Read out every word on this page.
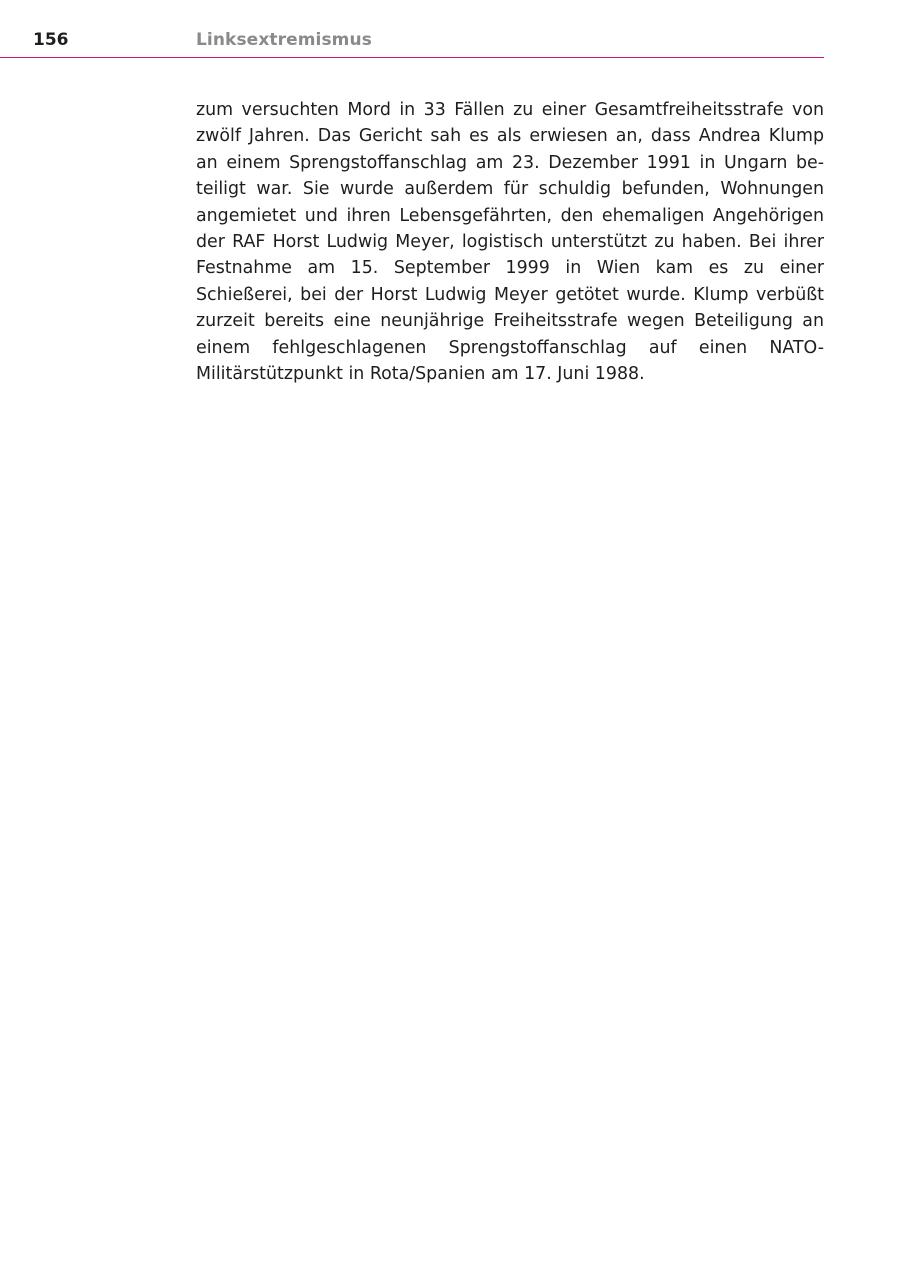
156	Linksextremismus

zum versuchten Mord in 33 Fällen zu einer Gesamtfreiheitsstrafe von zwölf Jahren. Das Gericht sah es als erwiesen an, dass Andrea Klump an einem Sprengstoffanschlag am 23. Dezember 1991 in Ungarn beteiligt war. Sie wurde außerdem für schuldig befunden, Wohnungen angemietet und ihren Lebensgefährten, den ehemaligen Angehörigen der RAF Horst Ludwig Meyer, logistisch unterstützt zu haben. Bei ihrer Festnahme am 15. September 1999 in Wien kam es zu einer Schießerei, bei der Horst Ludwig Meyer getötet wurde. Klump verbüßt zurzeit bereits eine neunjährige Freiheitsstrafe wegen Beteiligung an einem fehlgeschlagenen Sprengstoffanschlag auf einen NATO-Militärstützpunkt in Rota/Spanien am 17. Juni 1988.
